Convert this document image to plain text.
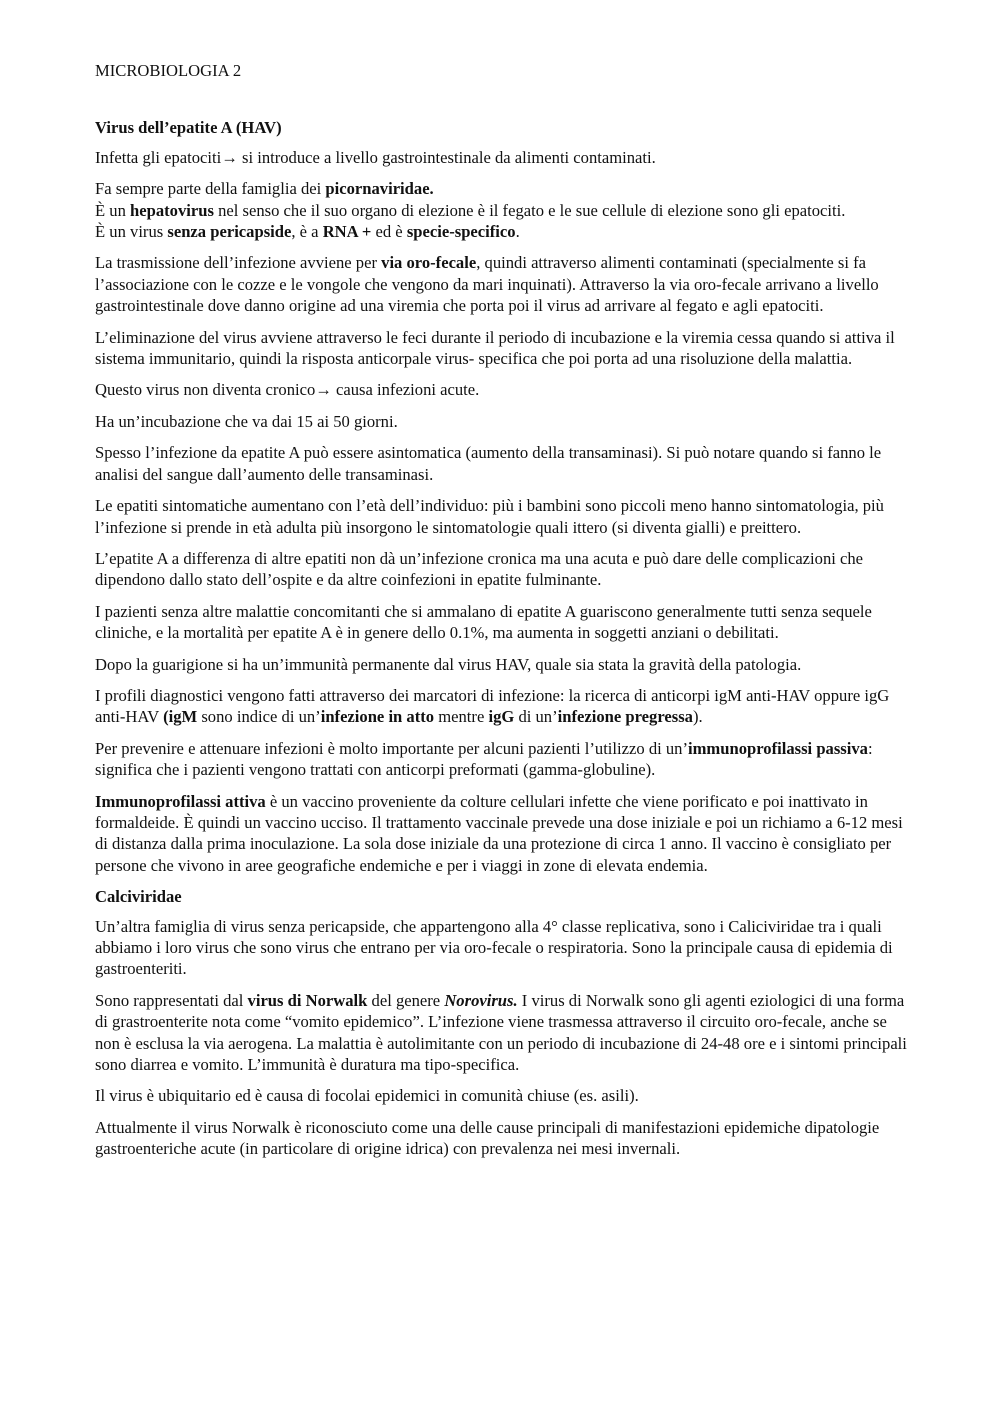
MICROBIOLOGIA 2
Virus dell’epatite A (HAV)

Infetta gli epatociti→ si introduce a livello gastrointestinale da alimenti contaminati.

Fa sempre parte della famiglia dei picornaviridae.

È un hepatovirus nel senso che il suo organo di elezione è il fegato e le sue cellule di elezione sono gli epatociti.

È un virus senza pericapside, è a RNA + ed è specie-specifico.

La trasmissione dell’infezione avviene per via oro-fecale, quindi attraverso alimenti contaminati (specialmente si fa l’associazione con le cozze e le vongole che vengono da mari inquinati). Attraverso la via oro-fecale arrivano a livello gastrointestinale dove danno origine ad una viremia che porta poi il virus ad arrivare al fegato e agli epatociti.

L’eliminazione del virus avviene attraverso le feci durante il periodo di incubazione e la viremia cessa quando si attiva il sistema immunitario, quindi la risposta anticorpale virus- specifica che poi porta ad una risoluzione della malattia.

Questo virus non diventa cronico→ causa infezioni acute.

Ha un’incubazione che va dai 15 ai 50 giorni.

Spesso l’infezione da epatite A può essere asintomatica (aumento della transaminasi). Si può notare quando si fanno le analisi del sangue dall’aumento delle transaminasi.

Le epatiti sintomatiche aumentano con l’età dell’individuo: più i bambini sono piccoli meno hanno sintomatologia, più l’infezione si prende in età adulta più insorgono le sintomatologie quali ittero (si diventa gialli) e preittero.

L’epatite A a differenza di altre epatiti non dà un’infezione cronica ma una acuta e può dare delle complicazioni che dipendono dallo stato dell’ospite e da altre coinfezioni in epatite fulminante.

I pazienti senza altre malattie concomitanti che si ammalano di epatite A guariscono generalmente tutti senza sequele cliniche, e la mortalità per epatite A è in genere dello 0.1%, ma aumenta in soggetti anziani o debilitati.

Dopo la guarigione si ha un’immunità permanente dal virus HAV, quale sia stata la gravità della patologia.

I profili diagnostici vengono fatti attraverso dei marcatori di infezione: la ricerca di anticorpi igM anti-HAV oppure igG anti-HAV (igM sono indice di un’infezione in atto mentre igG di un’infezione pregressa).

Per prevenire e attenuare infezioni è molto importante per alcuni pazienti l’utilizzo di un’immunoprofilassi passiva: significa che i pazienti vengono trattati con anticorpi preformati (gamma-globuline).

Immunoprofilassi attiva è un vaccino proveniente da colture cellulari infette che viene porificato e poi inattivato in formaldeide. È quindi un vaccino ucciso. Il trattamento vaccinale prevede una dose iniziale e poi un richiamo a 6-12 mesi di distanza dalla prima inoculazione. La sola dose iniziale da una protezione di circa 1 anno. Il vaccino è consigliato per persone che vivono in aree geografiche endemiche e per i viaggi in zone di elevata endemia.

Calciviridae

Un’altra famiglia di virus senza pericapside, che appartengono alla 4° classe replicativa, sono i Caliciviridae tra i quali abbiamo i loro virus che sono virus che entrano per via oro-fecale o respiratoria. Sono la principale causa di epidemia di gastroenteriti.

Sono rappresentati dal virus di Norwalk del genere Norovirus. I virus di Norwalk sono gli agenti eziologici di una forma di grastroenterite nota come “vomito epidemico”. L’infezione viene trasmessa attraverso il circuito oro-fecale, anche se non è esclusa la via aerogena. La malattia è autolimitante con un periodo di incubazione di 24-48 ore e i sintomi principali sono diarrea e vomito. L’immunità è duratura ma tipo-specifica.

Il virus è ubiquitario ed è causa di focolai epidemici in comunità chiuse (es. asili).

Attualmente il virus Norwalk è riconosciuto come una delle cause principali di manifestazioni epidemiche dipatologie gastroenteriche acute (in particolare di origine idrica) con prevalenza nei mesi invernali.
